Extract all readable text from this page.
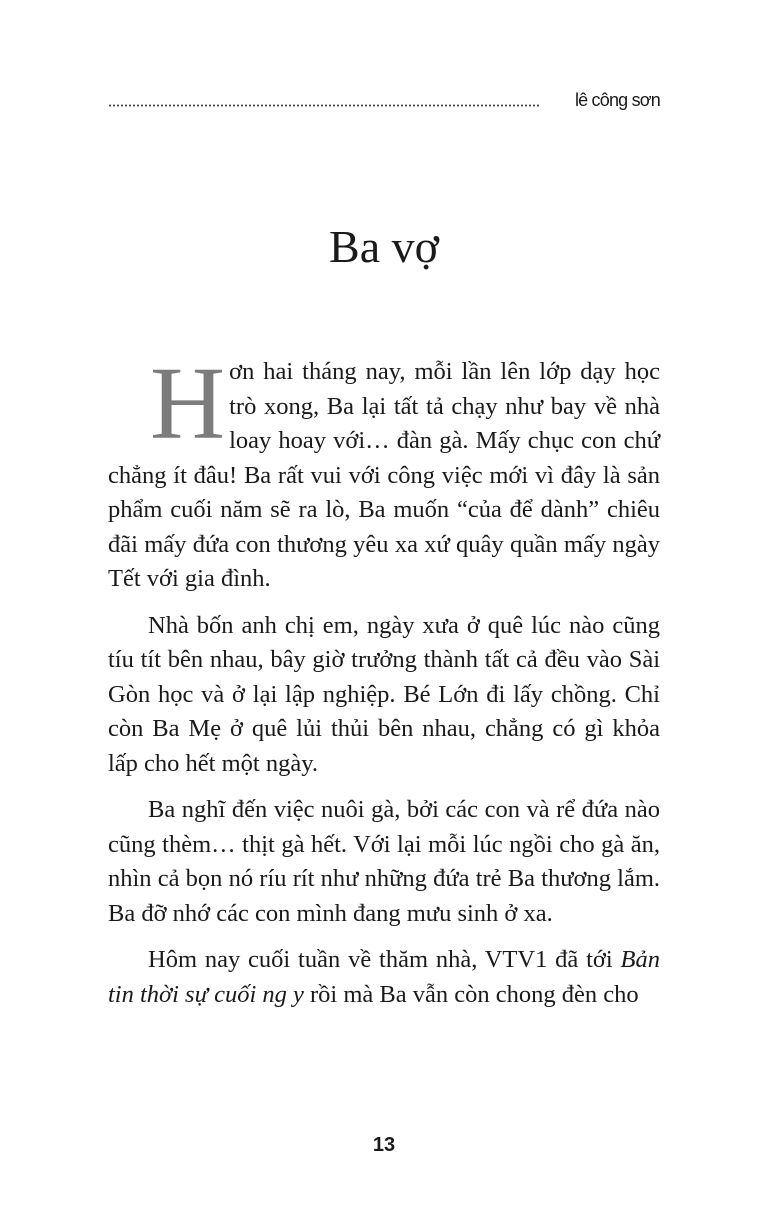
lê công sơn
Ba vợ

H ơn hai tháng nay, mỗi lần lên lớp dạy học trò xong, Ba lại tất tả chạy như bay về nhà loay hoay với… đàn gà. Mấy chục con chứ chẳng ít đâu! Ba rất vui với công việc mới vì đây là sản phẩm cuối năm sẽ ra lò, Ba muốn “của để dành” chiêu đãi mấy đứa con thương yêu xa xứ quây quần mấy ngày Tết với gia đình.

Nhà bốn anh chị em, ngày xưa ở quê lúc nào cũng tíu tít bên nhau, bây giờ trưởng thành tất cả đều vào Sài Gòn học và ở lại lập nghiệp. Bé Lớn đi lấy chồng. Chỉ còn Ba Mẹ ở quê lủi thủi bên nhau, chẳng có gì khỏa lấp cho hết một ngày.

Ba nghĩ đến việc nuôi gà, bởi các con và rể đứa nào cũng thèm… thịt gà hết. Với lại mỗi lúc ngồi cho gà ăn, nhìn cả bọn nó ríu rít như những đứa trẻ Ba thương lắm. Ba đỡ nhớ các con mình đang mưu sinh ở xa.

Hôm nay cuối tuần về thăm nhà, VTV1 đã tới Bản tin thời sự cuối ng y rồi mà Ba vẫn còn chong đèn cho

13
